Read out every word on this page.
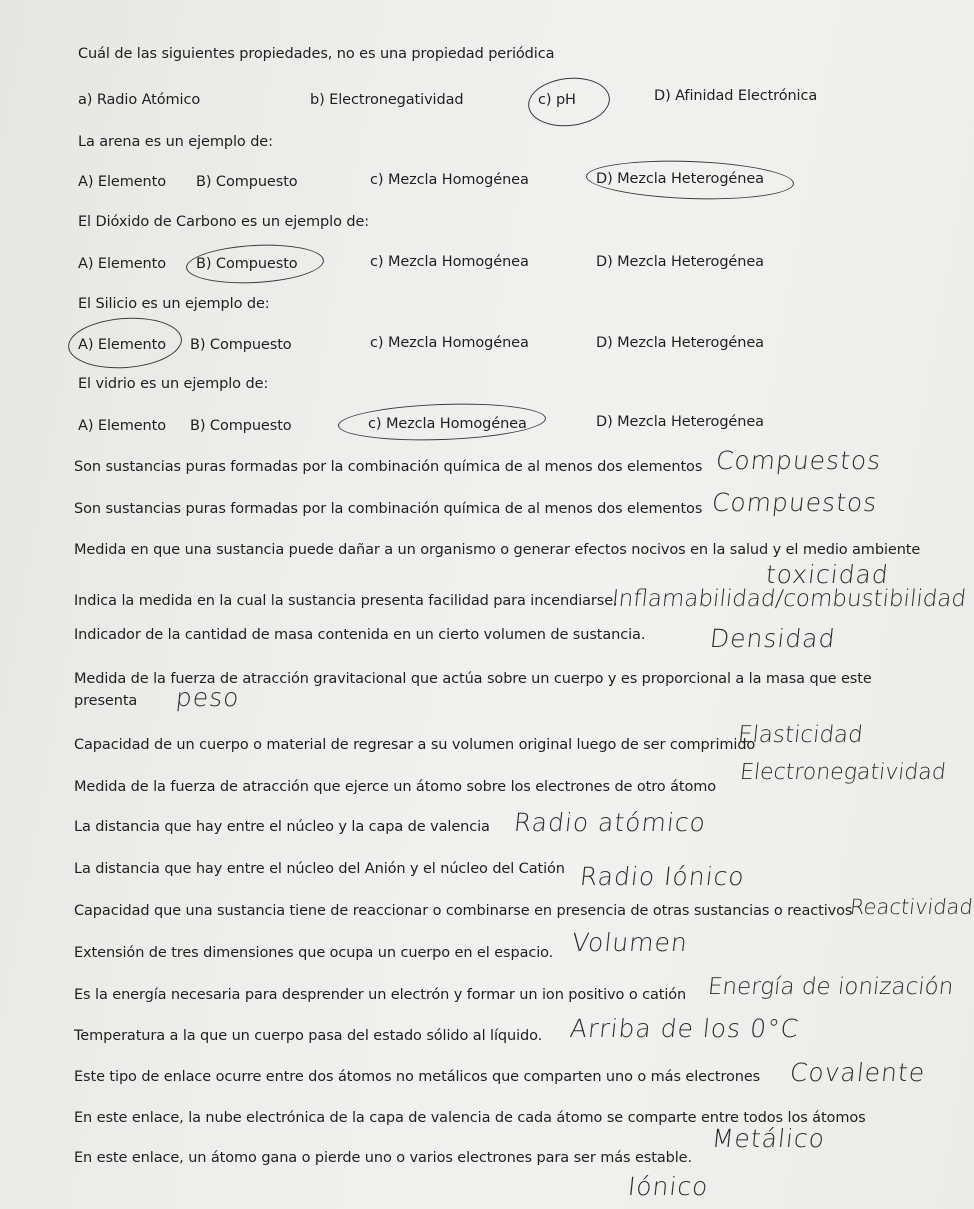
Cuál de las siguientes propiedades, no es una propiedad periódica
a) Radio Atómico	b) Electronegatividad	c) pH	D) Afinidad Electrónica
La arena es un ejemplo de:
A) Elemento B) Compuesto	c) Mezcla Homogénea	D) Mezcla Heterogénea
El Dióxido de Carbono es un ejemplo de:
A) Elemento B) Compuesto	c) Mezcla Homogénea	D) Mezcla Heterogénea
El Silicio es un ejemplo de:
A) Elemento B) Compuesto	c) Mezcla Homogénea	D) Mezcla Heterogénea
El vidrio es un ejemplo de:
A) Elemento B) Compuesto	c) Mezcla Homogénea	D) Mezcla Heterogénea
Son sustancias puras formadas por la combinación química de al menos dos elementos Compuestos
Son sustancias puras formadas por la combinación química de al menos dos elementos Compuestos
Medida en que una sustancia puede dañar a un organismo o generar efectos nocivos en la salud y el medio ambiente
toxicidad
Indica la medida en la cual la sustancia presenta facilidad para incendiarse.
Inflamabilidad/combustibilidad
Indicador de la cantidad de masa contenida en un cierto volumen de sustancia.	Densidad
Medida de la fuerza de atracción gravitacional que actúa sobre un cuerpo y es proporcional a la masa que este
presenta peso
Capacidad de un cuerpo o material de regresar a su volumen original luego de ser comprimido
Elasticidad
Medida de la fuerza de atracción que ejerce un átomo sobre los electrones de otro átomo
Electronegatividad
La distancia que hay entre el núcleo y la capa de valencia Radio atómico
La distancia que hay entre el núcleo del Anión y el núcleo del Catión Radio Iónico
Capacidad que una sustancia tiene de reaccionar o combinarse en presencia de otras sustancias o reactivos
Reactividad
Extensión de tres dimensiones que ocupa un cuerpo en el espacio. Volumen
Es la energía necesaria para desprender un electrón y formar un ion positivo o catión Energía de ionización
Temperatura a la que un cuerpo pasa del estado sólido al líquido. Arriba de los 0°C
Este tipo de enlace ocurre entre dos átomos no metálicos que comparten uno o más electrones Covalente
En este enlace, la nube electrónica de la capa de valencia de cada átomo se comparte entre todos los átomos
Metálico
En este enlace, un átomo gana o pierde uno o varios electrones para ser más estable.
Iónico
